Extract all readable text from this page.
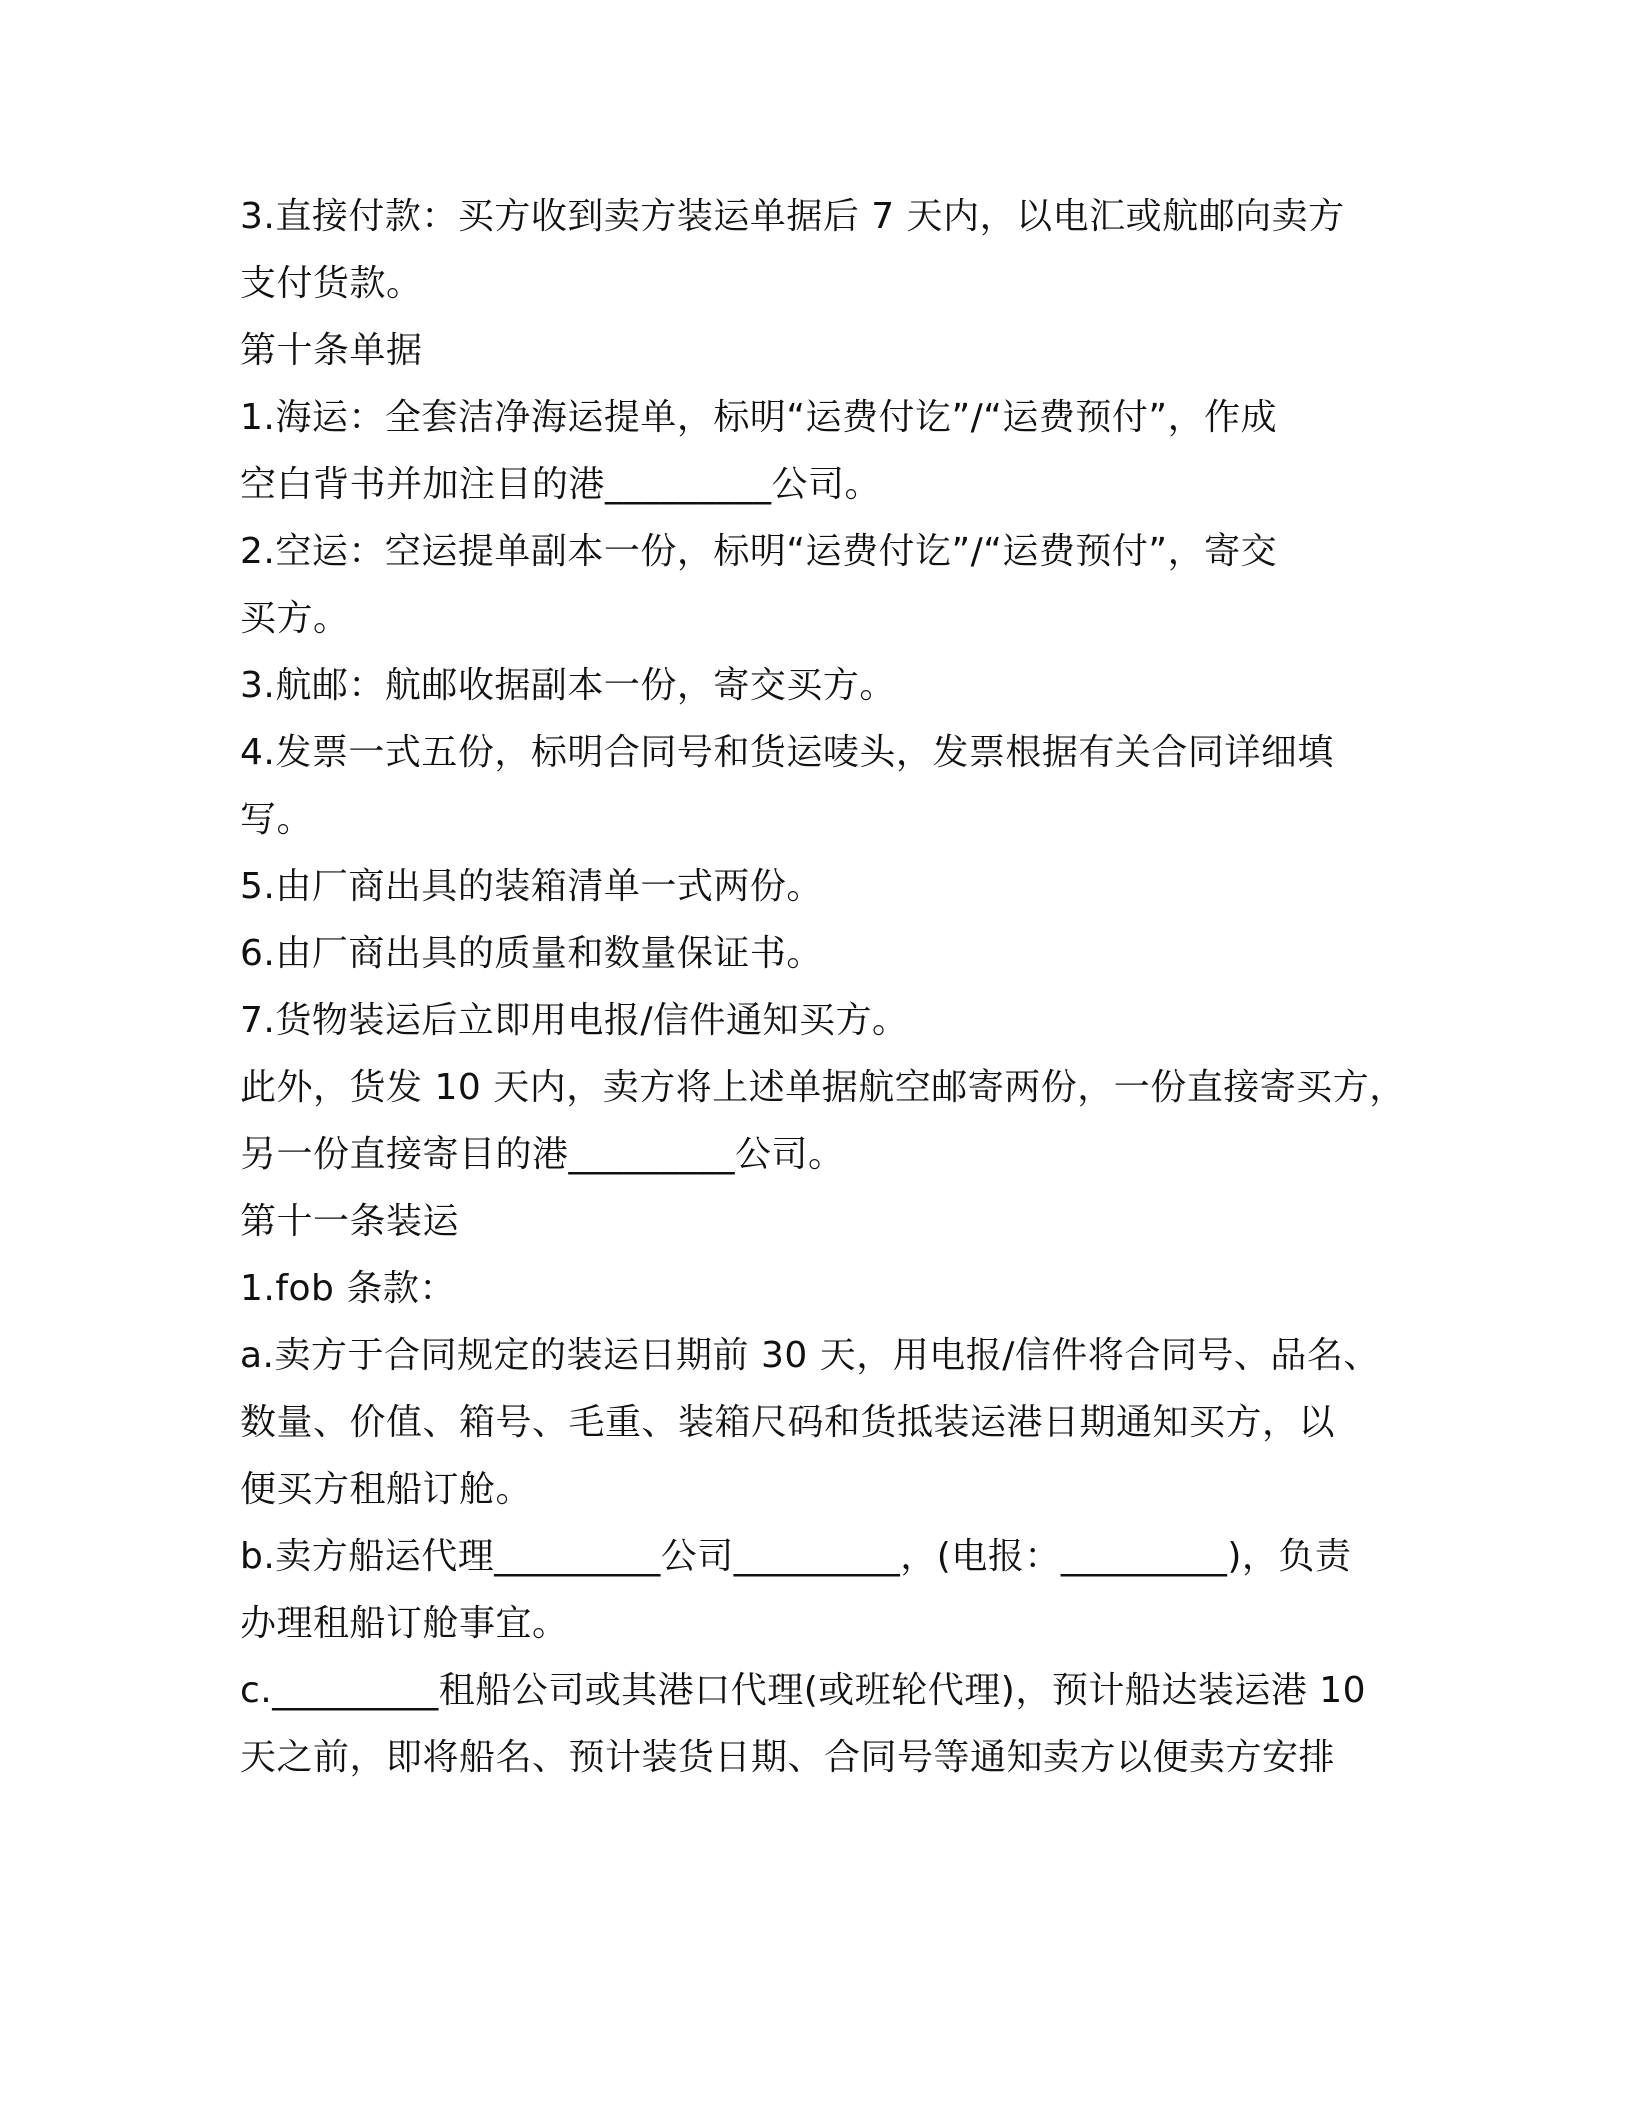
3.直接付款：买方收到卖方装运单据后 7 天内，以电汇或航邮向卖方
支付货款。
第十条单据
1.海运：全套洁净海运提单，标明“运费付讫”/“运费预付”，作成
空白背书并加注目的港_________公司。
2.空运：空运提单副本一份，标明“运费付讫”/“运费预付”，寄交
买方。
3.航邮：航邮收据副本一份，寄交买方。
4.发票一式五份，标明合同号和货运唛头，发票根据有关合同详细填
写。
5.由厂商出具的装箱清单一式两份。
6.由厂商出具的质量和数量保证书。
7.货物装运后立即用电报/信件通知买方。
此外，货发 10 天内，卖方将上述单据航空邮寄两份，一份直接寄买方，
另一份直接寄目的港_________公司。
第十一条装运
1.fob 条款：
a.卖方于合同规定的装运日期前 30 天，用电报/信件将合同号、品名、
数量、价值、箱号、毛重、装箱尺码和货抵装运港日期通知买方，以
便买方租船订舱。
b.卖方船运代理_________公司_________，(电报：_________)，负责
办理租船订舱事宜。
c._________租船公司或其港口代理(或班轮代理)，预计船达装运港 10
天之前，即将船名、预计装货日期、合同号等通知卖方以便卖方安排
